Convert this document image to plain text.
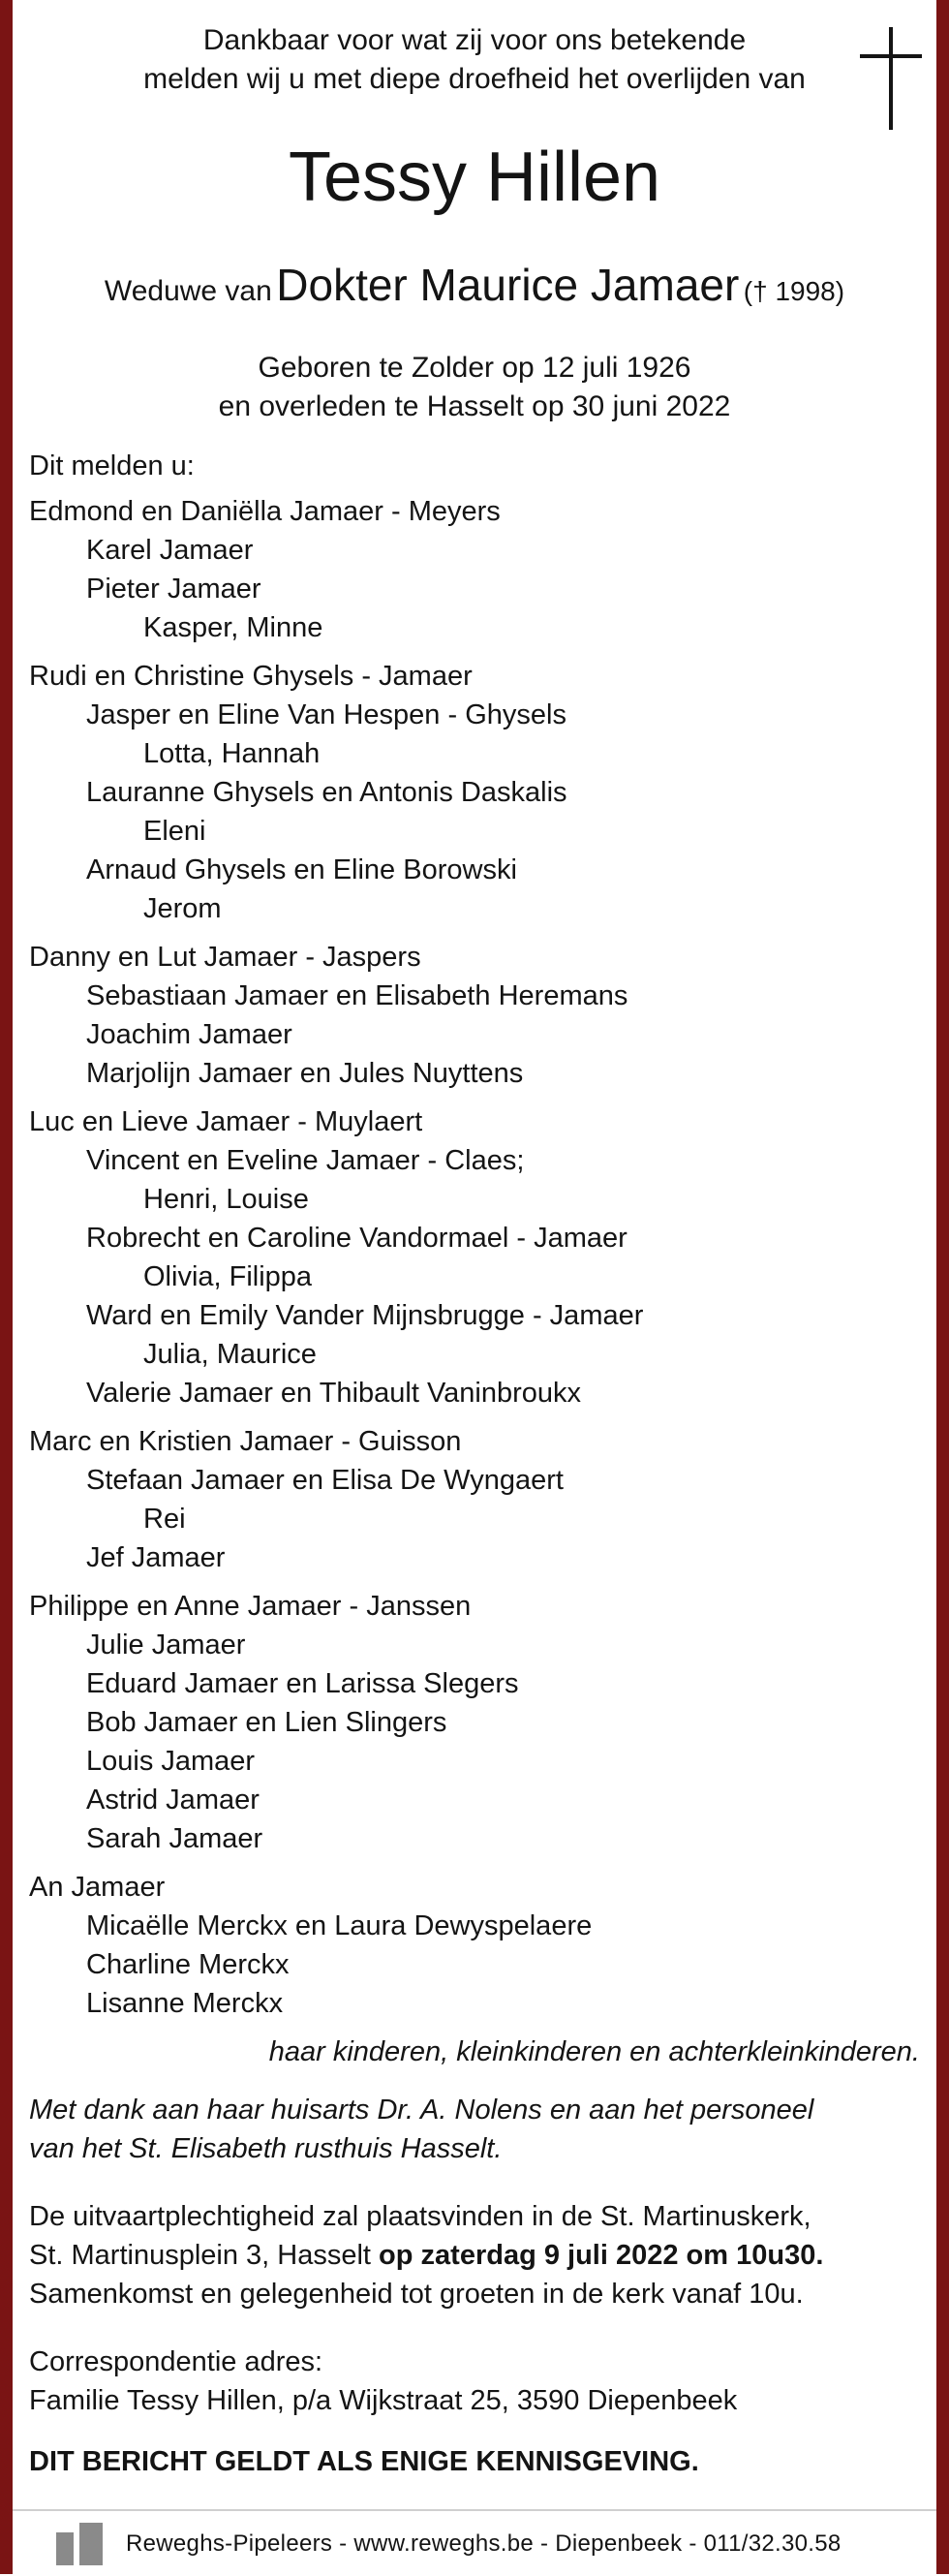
Dankbaar voor wat zij voor ons betekende
melden wij u met diepe droefheid het overlijden van
Tessy Hillen
Weduwe van Dokter Maurice Jamaer († 1998)
Geboren te Zolder op 12 juli 1926
en overleden te Hasselt op 30 juni 2022
Dit melden u:
Edmond en Daniëlla Jamaer - Meyers
Karel Jamaer
Pieter Jamaer
Kasper, Minne
Rudi en Christine Ghysels - Jamaer
Jasper en Eline Van Hespen - Ghysels
Lotta, Hannah
Lauranne Ghysels en Antonis Daskalis
Eleni
Arnaud Ghysels en Eline Borowski
Jerom
Danny en Lut Jamaer - Jaspers
Sebastiaan Jamaer en Elisabeth Heremans
Joachim Jamaer
Marjolijn Jamaer en Jules Nuyttens
Luc en Lieve Jamaer - Muylaert
Vincent en Eveline Jamaer - Claes;
Henri, Louise
Robrecht en Caroline Vandormael - Jamaer
Olivia, Filippa
Ward en Emily Vander Mijnsbrugge - Jamaer
Julia, Maurice
Valerie Jamaer en Thibault Vaninbroukx
Marc en Kristien Jamaer - Guisson
Stefaan Jamaer en Elisa De Wyngaert
Rei
Jef Jamaer
Philippe en Anne Jamaer - Janssen
Julie Jamaer
Eduard Jamaer en Larissa Slegers
Bob Jamaer en Lien Slingers
Louis Jamaer
Astrid Jamaer
Sarah Jamaer
An Jamaer
Micaëlle Merckx en Laura Dewyspelaere
Charline Merckx
Lisanne Merckx
haar kinderen, kleinkinderen en achterkleinkinderen.
Met dank aan haar huisarts Dr. A. Nolens en aan het personeel
van het St. Elisabeth rusthuis Hasselt.
De uitvaartplechtigheid zal plaatsvinden in de St. Martinuskerk,
St. Martinusplein 3, Hasselt op zaterdag 9 juli 2022 om 10u30.
Samenkomst en gelegenheid tot groeten in de kerk vanaf 10u.
Correspondentie adres:
Familie Tessy Hillen, p/a Wijkstraat 25, 3590 Diepenbeek
DIT BERICHT GELDT ALS ENIGE KENNISGEVING.
Reweghs-Pipeleers - www.reweghs.be - Diepenbeek - 011/32.30.58
